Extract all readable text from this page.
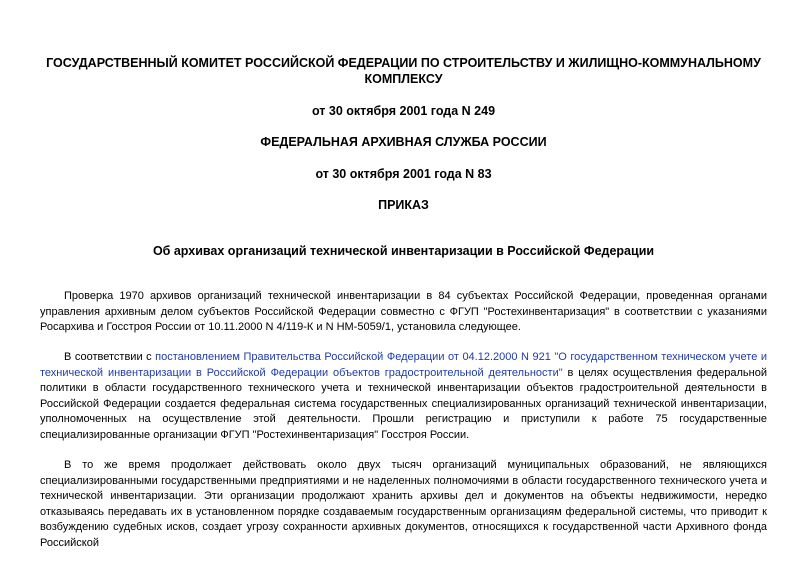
ГОСУДАРСТВЕННЫЙ КОМИТЕТ РОССИЙСКОЙ ФЕДЕРАЦИИ ПО СТРОИТЕЛЬСТВУ И ЖИЛИЩНО-КОММУНАЛЬНОМУ КОМПЛЕКСУ

от 30 октября 2001 года N 249

ФЕДЕРАЛЬНАЯ АРХИВНАЯ СЛУЖБА РОССИИ

от 30 октября 2001 года N 83

ПРИКАЗ

Об архивах организаций технической инвентаризации в Российской Федерации

Проверка 1970 архивов организаций технической инвентаризации в 84 субъектах Российской Федерации, проведенная органами управления архивным делом субъектов Российской Федерации совместно с ФГУП "Ростехинвентаризация" в соответствии с указаниями Росархива и Госстроя России от 10.11.2000 N 4/119-К и N НМ-5059/1, установила следующее.

В соответствии с постановлением Правительства Российской Федерации от 04.12.2000 N 921 "О государственном техническом учете и технической инвентаризации в Российской Федерации объектов градостроительной деятельности" в целях осуществления федеральной политики в области государственного технического учета и технической инвентаризации объектов градостроительной деятельности в Российской Федерации создается федеральная система государственных специализированных организаций технической инвентаризации, уполномоченных на осуществление этой деятельности. Прошли регистрацию и приступили к работе 75 государственные специализированные организации ФГУП "Ростехинвентаризация" Госстроя России.

В то же время продолжает действовать около двух тысяч организаций муниципальных образований, не являющихся специализированными государственными предприятиями и не наделенных полномочиями в области государственного технического учета и технической инвентаризации. Эти организации продолжают хранить архивы дел и документов на объекты недвижимости, нередко отказываясь передавать их в установленном порядке создаваемым государственным организациям федеральной системы, что приводит к возбуждению судебных исков, создает угрозу сохранности архивных документов, относящихся к государственной части Архивного фонда Российской
